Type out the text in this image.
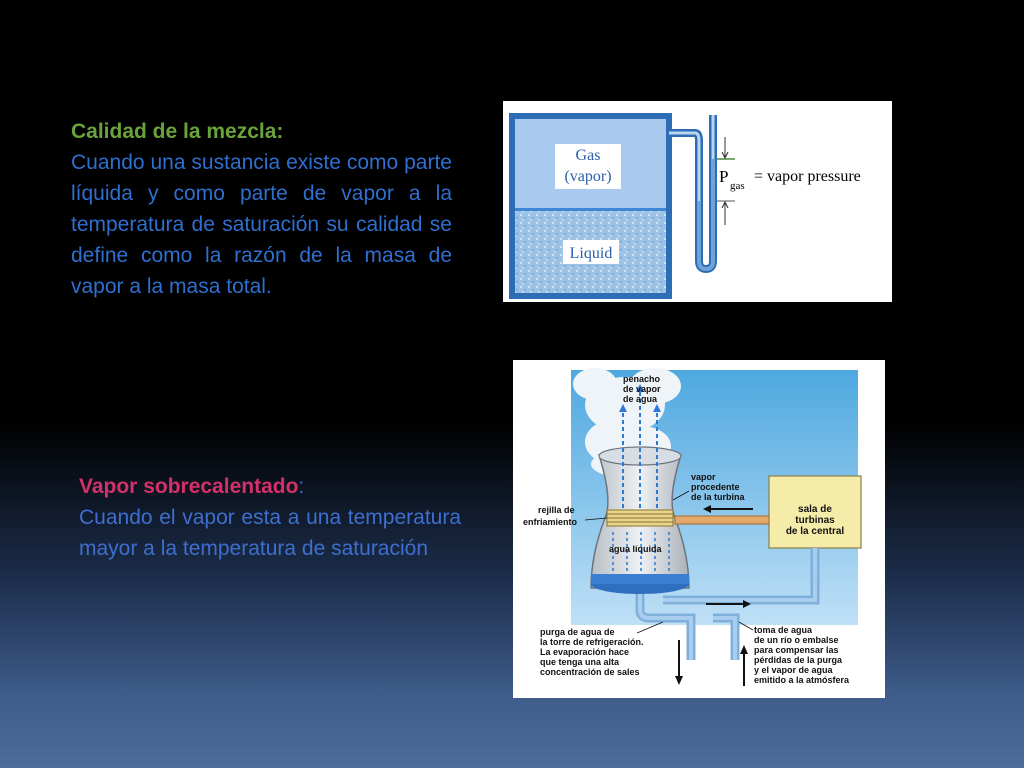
Calidad de la mezcla:
Cuando una sustancia existe como parte líquida y como parte de vapor a la temperatura de saturación su calidad se define como la razón de la masa de vapor a la masa total.
Vapor sobrecalentado:
Cuando el vapor esta a una temperatura mayor a la temperatura de saturación
Gas
(vapor)
Liquid
P gas
= vapor pressure
sala de
turbinas
de la central
penacho
de vapor
de agua
vapor
procedente
de la turbina
rejilla de
enfriamiento
agua líquida
purga de agua de
la torre de refrigeración.
La evaporación hace
que tenga una alta
concentración de sales
toma de agua
de un río o embalse
para compensar las
pérdidas de la purga
y el vapor de agua
emitido a la atmósfera
